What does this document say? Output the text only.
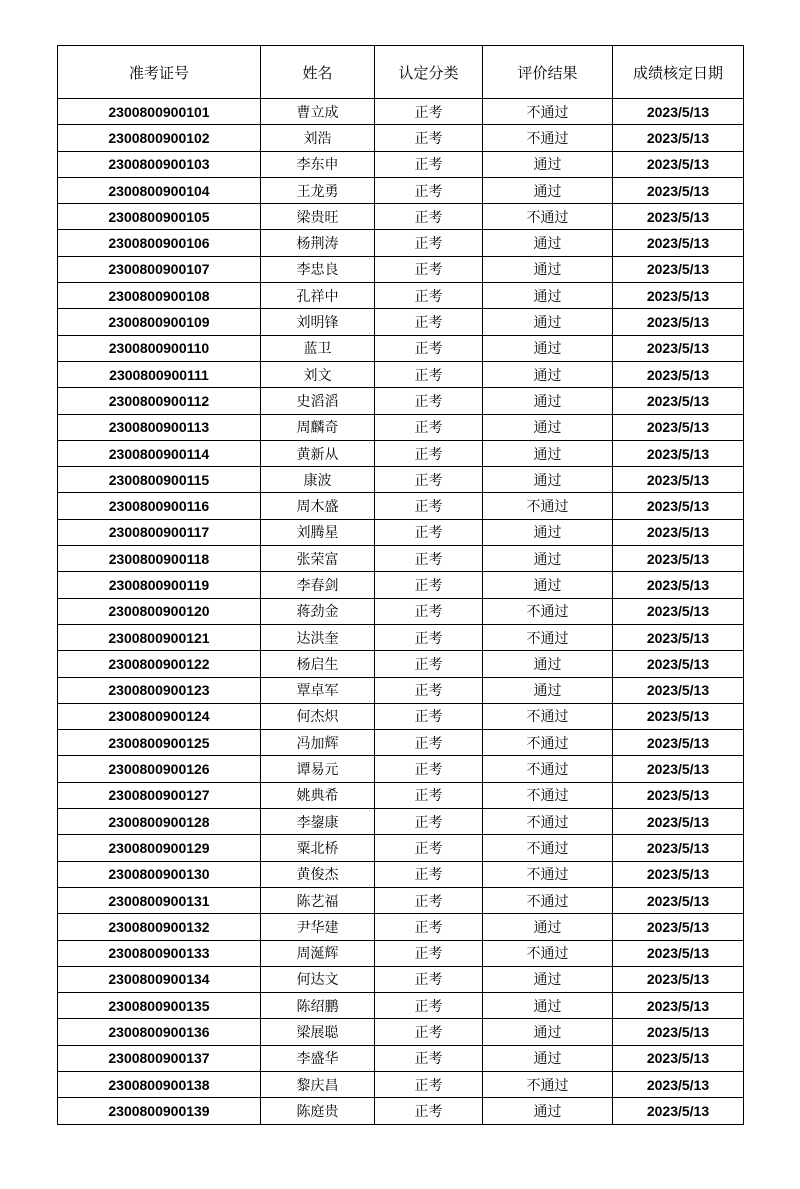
准考证号	姓名	认定分类	评价结果	成绩核定日期
2300800900101	曹立成	正考	不通过	2023/5/13
2300800900102	刘浩	正考	不通过	2023/5/13
2300800900103	李东申	正考	通过	2023/5/13
2300800900104	王龙勇	正考	通过	2023/5/13
2300800900105	梁贵旺	正考	不通过	2023/5/13
2300800900106	杨荆涛	正考	通过	2023/5/13
2300800900107	李忠良	正考	通过	2023/5/13
2300800900108	孔祥中	正考	通过	2023/5/13
2300800900109	刘明锋	正考	通过	2023/5/13
2300800900110	蓝卫	正考	通过	2023/5/13
2300800900111	刘文	正考	通过	2023/5/13
2300800900112	史滔滔	正考	通过	2023/5/13
2300800900113	周麟奇	正考	通过	2023/5/13
2300800900114	黄新从	正考	通过	2023/5/13
2300800900115	康波	正考	通过	2023/5/13
2300800900116	周木盛	正考	不通过	2023/5/13
2300800900117	刘腾星	正考	通过	2023/5/13
2300800900118	张荣富	正考	通过	2023/5/13
2300800900119	李春剑	正考	通过	2023/5/13
2300800900120	蒋劲金	正考	不通过	2023/5/13
2300800900121	达洪奎	正考	不通过	2023/5/13
2300800900122	杨启生	正考	通过	2023/5/13
2300800900123	覃卓军	正考	通过	2023/5/13
2300800900124	何杰炽	正考	不通过	2023/5/13
2300800900125	冯加辉	正考	不通过	2023/5/13
2300800900126	谭易元	正考	不通过	2023/5/13
2300800900127	姚典希	正考	不通过	2023/5/13
2300800900128	李鋆康	正考	不通过	2023/5/13
2300800900129	粟北桥	正考	不通过	2023/5/13
2300800900130	黄俊杰	正考	不通过	2023/5/13
2300800900131	陈艺福	正考	不通过	2023/5/13
2300800900132	尹华建	正考	通过	2023/5/13
2300800900133	周涎辉	正考	不通过	2023/5/13
2300800900134	何达文	正考	通过	2023/5/13
2300800900135	陈绍鹏	正考	通过	2023/5/13
2300800900136	梁展聪	正考	通过	2023/5/13
2300800900137	李盛华	正考	通过	2023/5/13
2300800900138	黎庆昌	正考	不通过	2023/5/13
2300800900139	陈庭贵	正考	通过	2023/5/13
